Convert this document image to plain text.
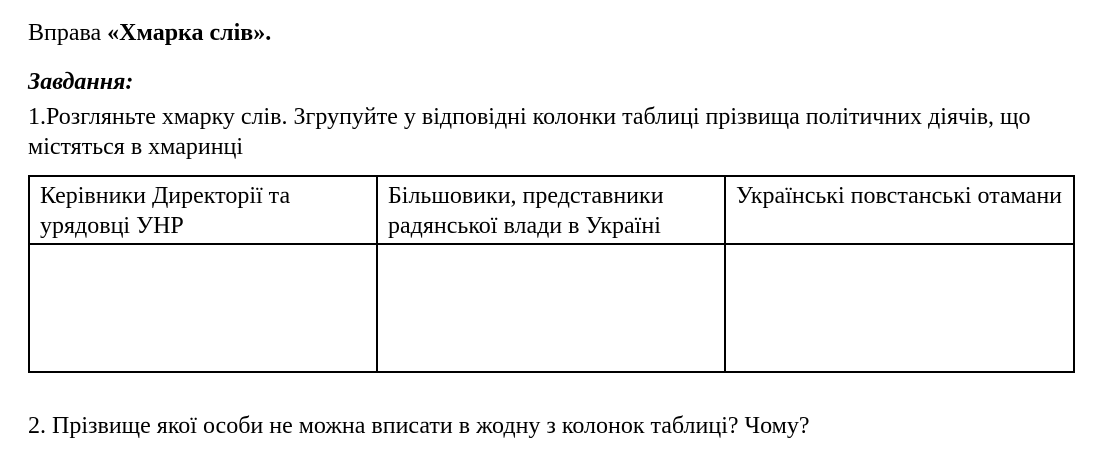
Вправа «Хмарка слів».

Завдання:

1.Розгляньте хмарку слів. Згрупуйте у відповідні колонки таблиці прізвища політичних діячів, що містяться в хмаринці

Керівники Директорії та урядовці УНР	Більшовики, представники радянської влади в Україні	Українські повстанські отамани

2. Прізвище якої особи не можна вписати в жодну з колонок таблиці? Чому?
